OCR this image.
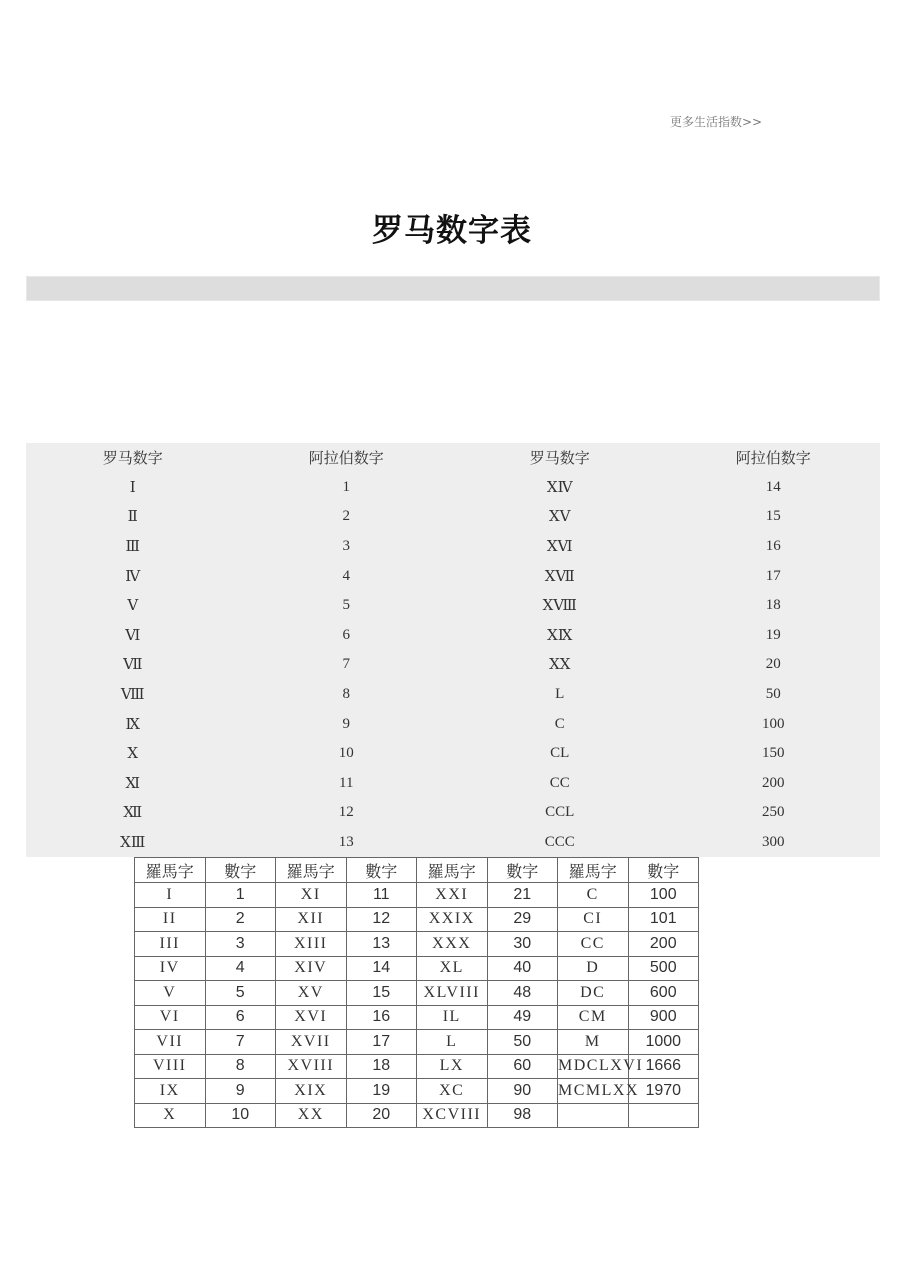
更多生活指数>>
罗马数字表
罗马数字	阿拉伯数字	罗马数字	阿拉伯数字
Ⅰ	1	ⅩⅣ	14
Ⅱ	2	ⅩⅤ	15
Ⅲ	3	ⅩⅥ	16
Ⅳ	4	ⅩⅦ	17
Ⅴ	5	ⅩⅧ	18
Ⅵ	6	ⅩⅨ	19
Ⅶ	7	ⅩⅩ	20
Ⅷ	8	L	50
Ⅸ	9	C	100
Ⅹ	10	CL	150
Ⅺ	11	CC	200
Ⅻ	12	CCL	250
ⅩⅢ	13	CCC	300
羅馬字	數字	羅馬字	數字	羅馬字	數字	羅馬字	數字
I	1	XI	11	XXI	21	C	100
II	2	XII	12	XXIX	29	CI	101
III	3	XIII	13	XXX	30	CC	200
IV	4	XIV	14	XL	40	D	500
V	5	XV	15	XLVIII	48	DC	600
VI	6	XVI	16	IL	49	CM	900
VII	7	XVII	17	L	50	M	1000
VIII	8	XVIII	18	LX	60	MDCLXVI	1666
IX	9	XIX	19	XC	90	MCMLXX	1970
X	10	XX	20	XCVIII	98		
